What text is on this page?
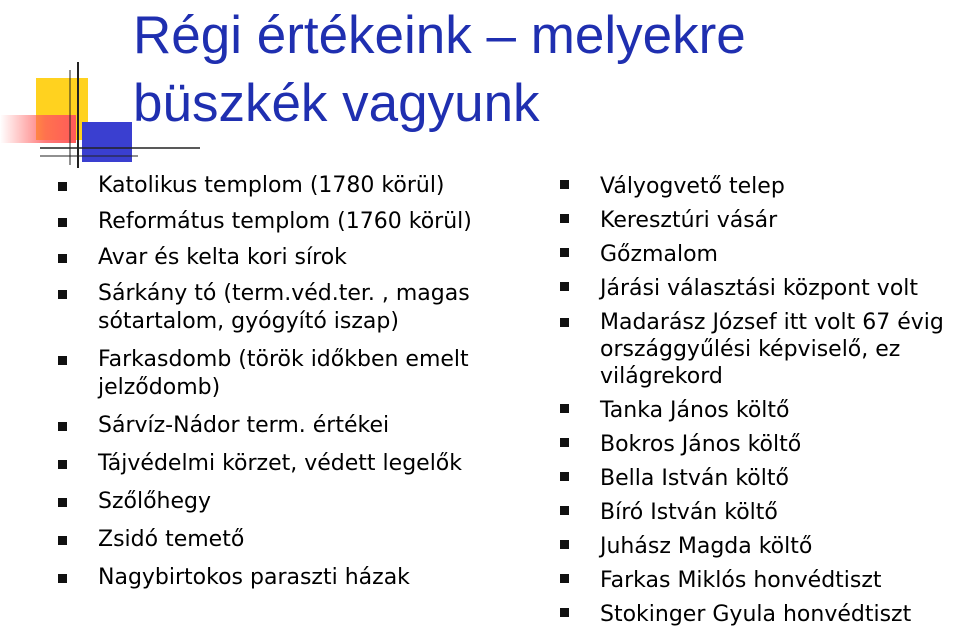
Régi értékeink – melyekre
büszkék vagyunk
Katolikus templom (1780 körül)
Református templom (1760 körül)
Avar és kelta kori sírok
Sárkány tó (term.véd.ter. , magas
sótartalom, gyógyító iszap)
Farkasdomb (török időkben emelt
jelződomb)
Sárvíz-Nádor term. értékei
Tájvédelmi körzet, védett legelők
Szőlőhegy
Zsidó temető
Nagybirtokos paraszti házak
Vályogvető telep
Keresztúri vásár
Gőzmalom
Járási választási központ volt
Madarász József itt volt 67 évig
országgyűlési képviselő, ez
világrekord
Tanka János költő
Bokros János költő
Bella István költő
Bíró István költő
Juhász Magda költő
Farkas Miklós honvédtiszt
Stokinger Gyula honvédtiszt
